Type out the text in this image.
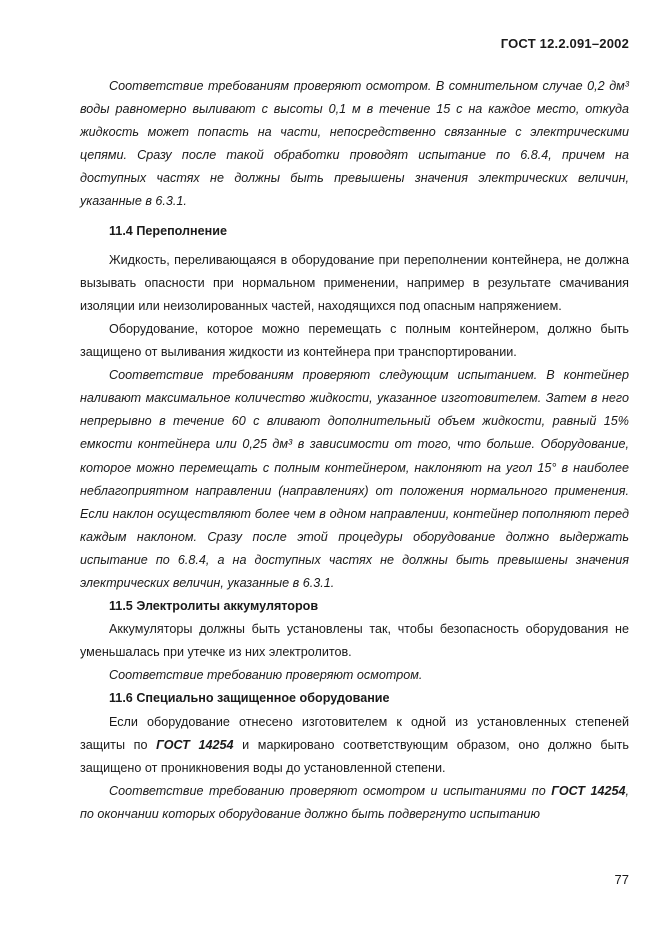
ГОСТ 12.2.091–2002

Соответствие требованиям проверяют осмотром. В сомнительном случае 0,2 дм³ воды равномерно выливают с высоты 0,1 м в течение 15 с на каждое место, откуда жидкость может попасть на части, непосредственно связанные с электрическими цепями. Сразу после такой обработки проводят испытание по 6.8.4, причем на доступных частях не должны быть превышены значения электрических величин, указанные в 6.3.1.

11.4 Переполнение

Жидкость, переливающаяся в оборудование при переполнении контейнера, не должна вызывать опасности при нормальном применении, например в результате смачивания изоляции или неизолированных частей, находящихся под опасным напряжением.

Оборудование, которое можно перемещать с полным контейнером, должно быть защищено от выливания жидкости из контейнера при транспортировании.

Соответствие требованиям проверяют следующим испытанием. В контейнер наливают максимальное количество жидкости, указанное изготовителем. Затем в него непрерывно в течение 60 с вливают дополнительный объем жидкости, равный 15% емкости контейнера или 0,25 дм³ в зависимости от того, что больше. Оборудование, которое можно перемещать с полным контейнером, наклоняют на угол 15° в наиболее неблагоприятном направлении (направлениях) от положения нормального применения. Если наклон осуществляют более чем в одном направлении, контейнер пополняют перед каждым наклоном. Сразу после этой процедуры оборудование должно выдержать испытание по 6.8.4, а на доступных частях не должны быть превышены значения электрических величин, указанные в 6.3.1.

11.5 Электролиты аккумуляторов

Аккумуляторы должны быть установлены так, чтобы безопасность оборудования не уменьшалась при утечке из них электролитов.

Соответствие требованию проверяют осмотром.

11.6 Специально защищенное оборудование

Если оборудование отнесено изготовителем к одной из установленных степеней защиты по ГОСТ 14254 и маркировано соответствующим образом, оно должно быть защищено от проникновения воды до установленной степени.

Соответствие требованию проверяют осмотром и испытаниями по ГОСТ 14254, по окончании которых оборудование должно быть подвергнуто испытанию

77
